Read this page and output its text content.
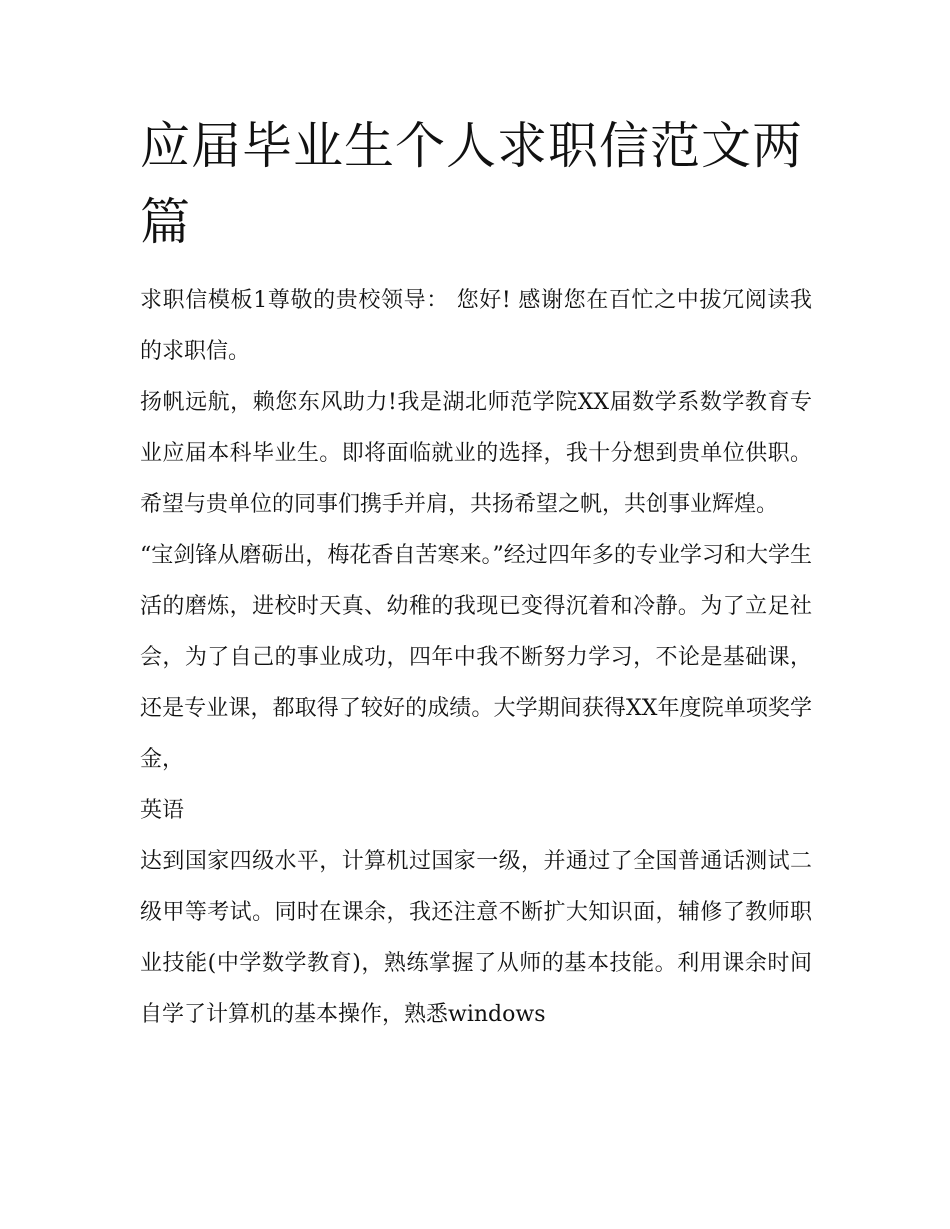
应届毕业生个人求职信范文两篇

求职信模板1尊敬的贵校领导： 您好! 感谢您在百忙之中拔冗阅读我的求职信。

扬帆远航，赖您东风助力!我是湖北师范学院XX届数学系数学教育专业应届本科毕业生。即将面临就业的选择，我十分想到贵单位供职。希望与贵单位的同事们携手并肩，共扬希望之帆，共创事业辉煌。

“宝剑锋从磨砺出，梅花香自苦寒来。”经过四年多的专业学习和大学生活的磨炼，进校时天真、幼稚的我现已变得沉着和冷静。为了立足社会，为了自己的事业成功，四年中我不断努力学习，不论是基础课，还是专业课，都取得了较好的成绩。大学期间获得XX年度院单项奖学金，

英语

达到国家四级水平，计算机过国家一级，并通过了全国普通话测试二级甲等考试。同时在课余，我还注意不断扩大知识面，辅修了教师职业技能(中学数学教育)，熟练掌握了从师的基本技能。利用课余时间自学了计算机的基本操作，熟悉windows
